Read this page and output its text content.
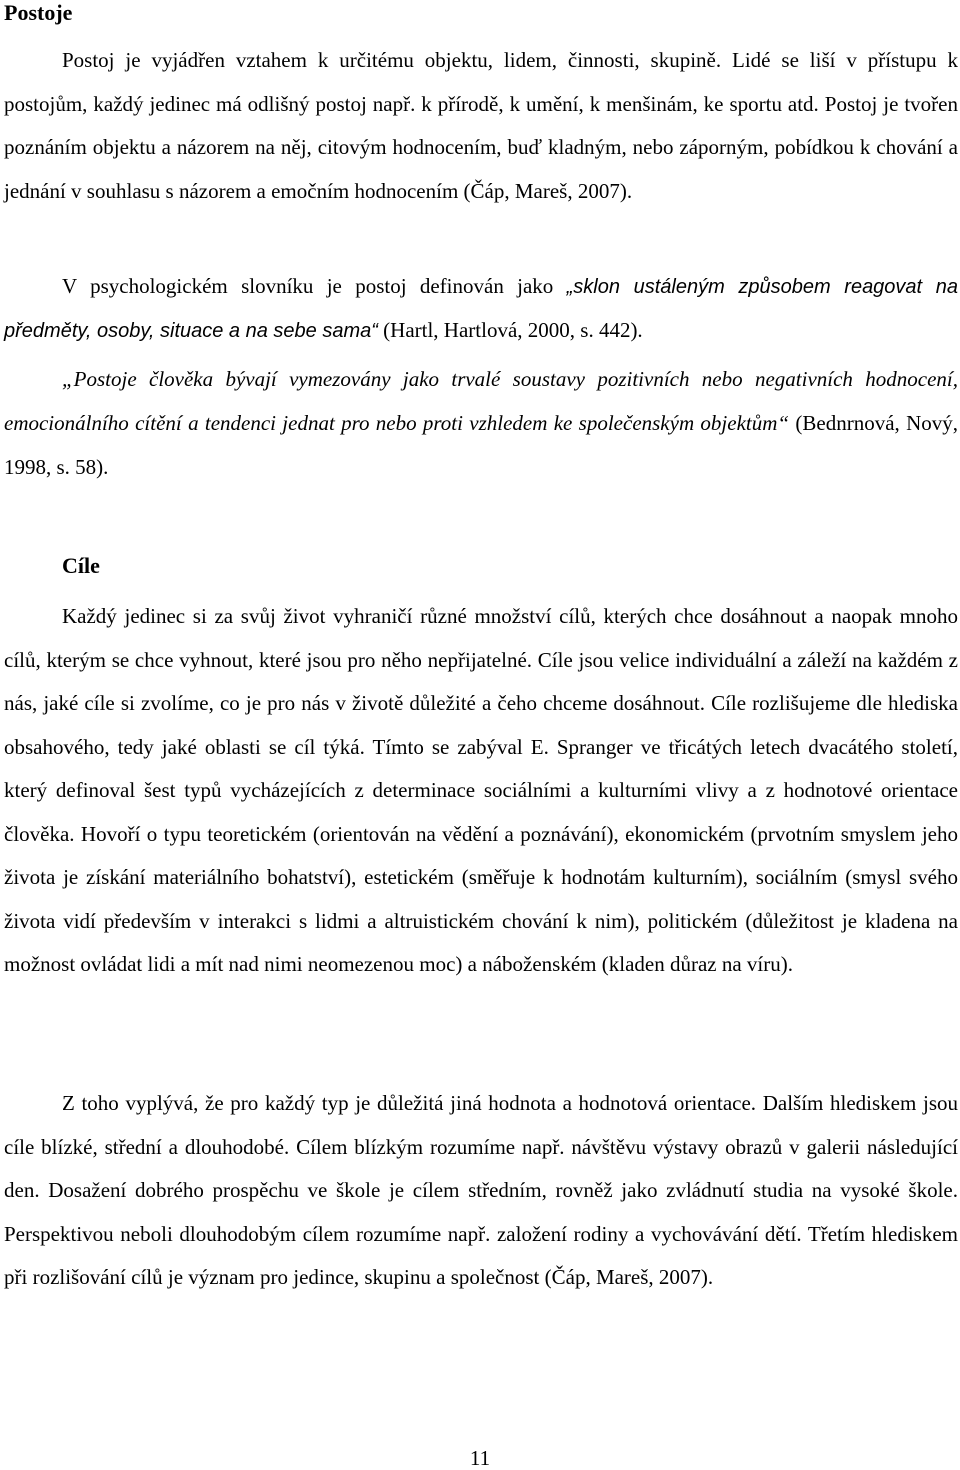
Postoje

Postoj je vyjádřen vztahem k určitému objektu, lidem, činnosti, skupině. Lidé se liší v přístupu k postojům, každý jedinec má odlišný postoj např. k přírodě, k umění, k menšinám, ke sportu atd. Postoj je tvořen poznáním objektu a názorem na něj, citovým hodnocením, buď kladným, nebo záporným, pobídkou k chování a jednání v souhlasu s názorem a emočním hodnocením (Čáp, Mareš, 2007).

V psychologickém slovníku je postoj definován jako „sklon ustáleným způsobem reagovat na předměty, osoby, situace a na sebe sama“ (Hartl, Hartlová, 2000, s. 442).

„Postoje člověka bývají vymezovány jako trvalé soustavy pozitivních nebo negativních hodnocení, emocionálního cítění a tendenci jednat pro nebo proti vzhledem ke společenským objektům“ (Bednrnová, Nový, 1998, s. 58).

Cíle

Každý jedinec si za svůj život vyhraničí různé množství cílů, kterých chce dosáhnout a naopak mnoho cílů, kterým se chce vyhnout, které jsou pro něho nepřijatelné. Cíle jsou velice individuální a záleží na každém z nás, jaké cíle si zvolíme, co je pro nás v životě důležité a čeho chceme dosáhnout. Cíle rozlišujeme dle hlediska obsahového, tedy jaké oblasti se cíl týká. Tímto se zabýval E. Spranger ve třicátých letech dvacátého století, který definoval šest typů vycházejících z determinace sociálními a kulturními vlivy a z hodnotové orientace člověka. Hovoří o typu teoretickém (orientován na vědění a poznávání), ekonomickém (prvotním smyslem jeho života je získání materiálního bohatství), estetickém (směřuje k hodnotám kulturním), sociálním (smysl svého života vidí především v interakci s lidmi a altruistickém chování k nim), politickém (důležitost je kladena na možnost ovládat lidi a mít nad nimi neomezenou moc) a náboženském (kladen důraz na víru).

Z toho vyplývá, že pro každý typ je důležitá jiná hodnota a hodnotová orientace. Dalším hlediskem jsou cíle blízké, střední a dlouhodobé. Cílem blízkým rozumíme např. návštěvu výstavy obrazů v galerii následující den. Dosažení dobrého prospěchu ve škole je cílem středním, rovněž jako zvládnutí studia na vysoké škole. Perspektivou neboli dlouhodobým cílem rozumíme např. založení rodiny a vychovávání dětí. Třetím hlediskem při rozlišování cílů je význam pro jedince, skupinu a společnost (Čáp, Mareš, 2007).

11
